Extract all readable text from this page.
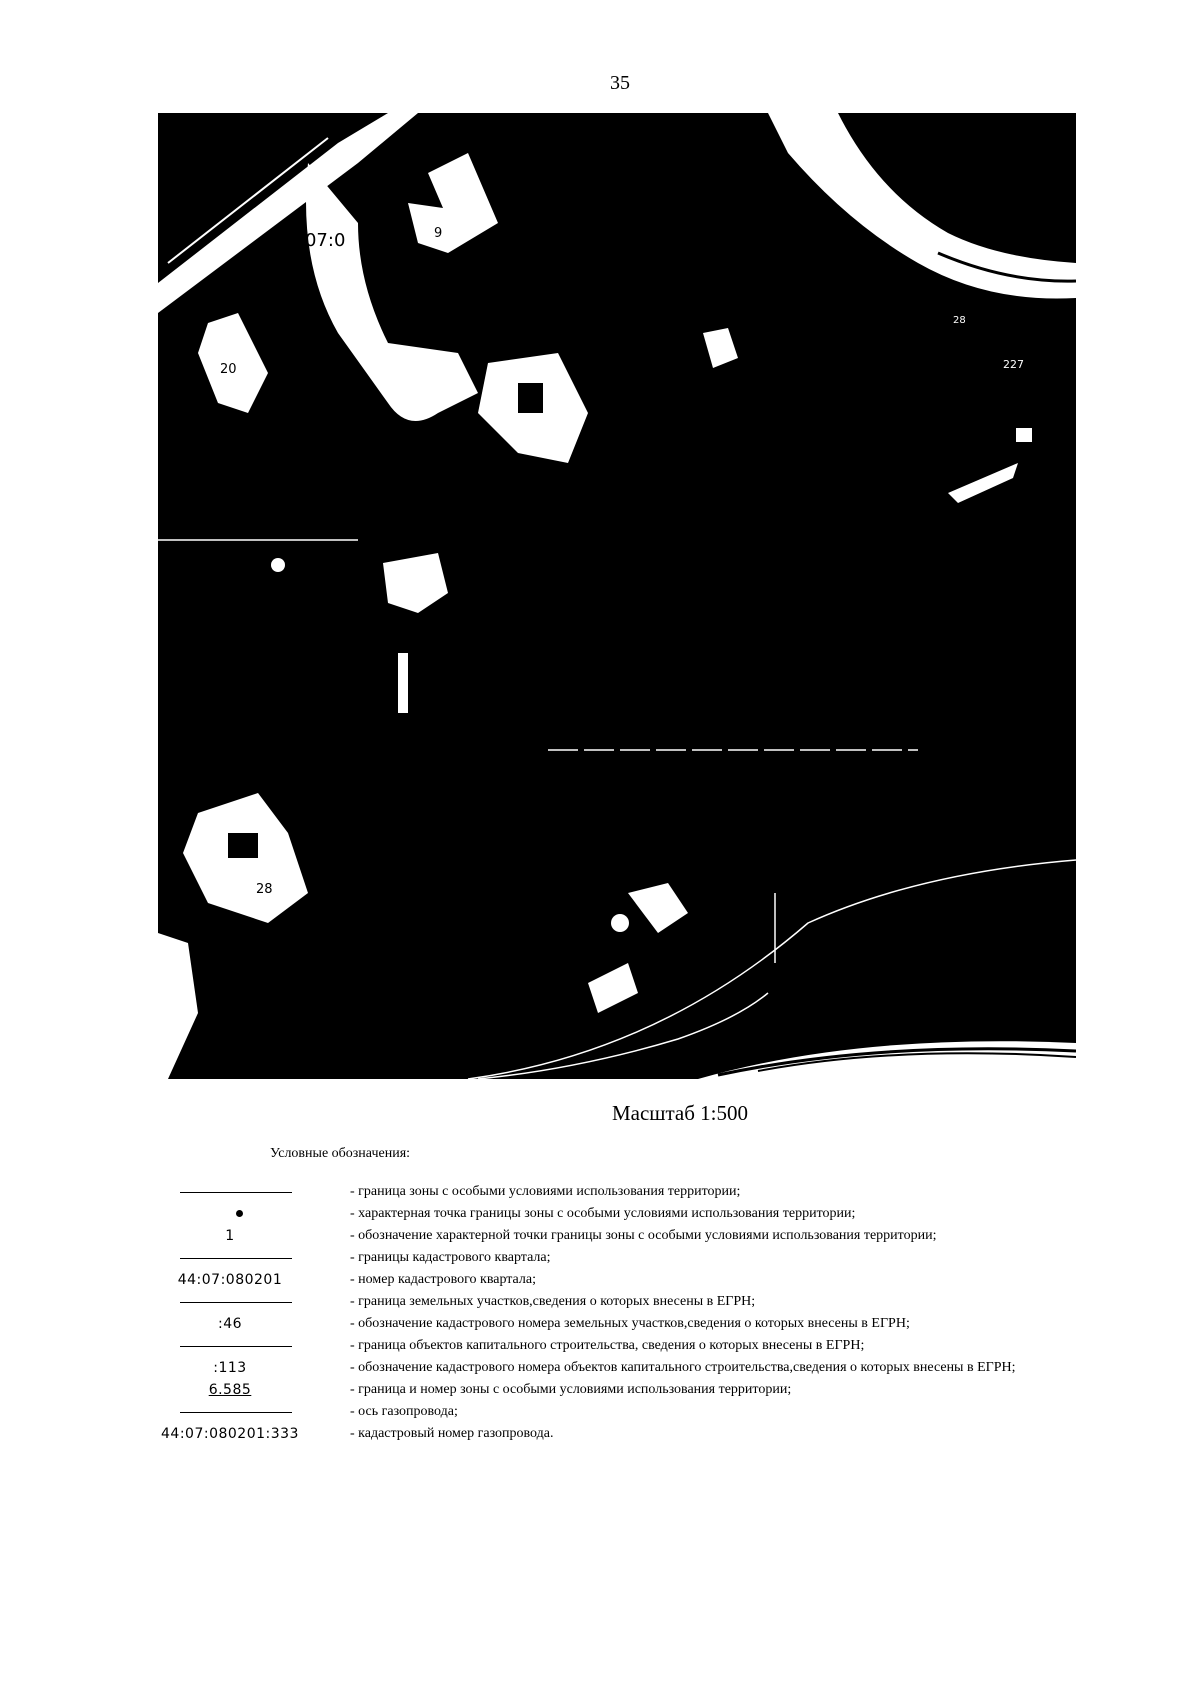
35
9
44:07:0
20
28
227
28
Масштаб 1:500
Условные обозначения:
- граница зоны с особыми условиями использования территории;
- характерная точка границы зоны с особыми условиями использования территории;
1	- обозначение характерной точки границы зоны с особыми условиями использования территории;
- границы кадастрового квартала;
44:07:080201	- номер кадастрового квартала;
- граница земельных участков,сведения о которых внесены в ЕГРН;
:46	- обозначение кадастрового номера земельных участков,сведения о которых внесены в ЕГРН;
- граница объектов капитального строительства, сведения о которых внесены в ЕГРН;
:113	- обозначение кадастрового номера объектов капитального строительства,сведения о которых внесены в ЕГРН;
6.585	- граница и номер зоны с особыми условиями использования территории;
- ось газопровода;
44:07:080201:333	- кадастровый номер газопровода.
